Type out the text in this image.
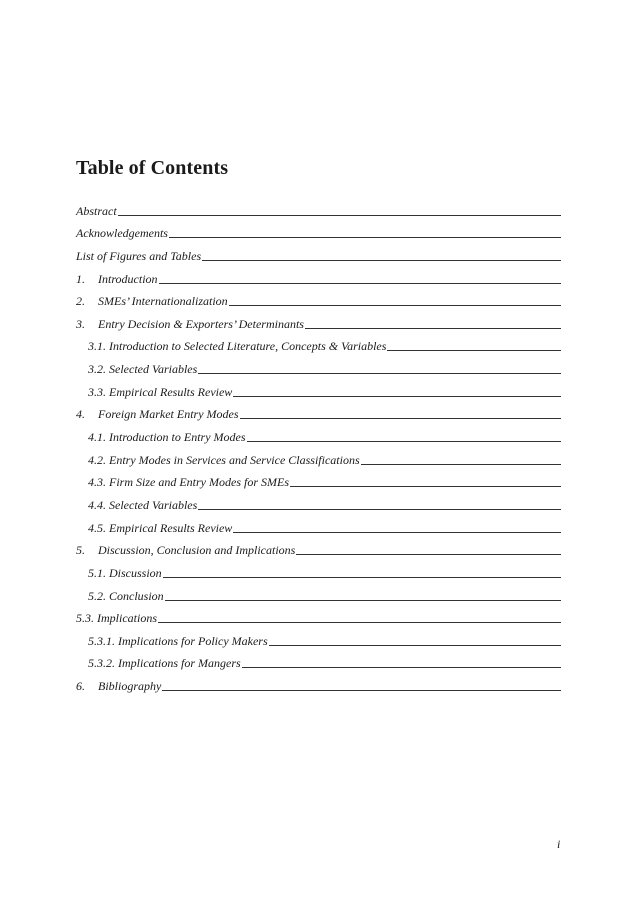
Table of Contents
Abstract
Acknowledgements
List of Figures and Tables
1.	Introduction
2.	SMEs’ Internationalization
3.	Entry Decision & Exporters’ Determinants
3.1. Introduction to Selected Literature, Concepts & Variables
3.2. Selected Variables
3.3. Empirical Results Review
4.	Foreign Market Entry Modes
4.1. Introduction to Entry Modes
4.2. Entry Modes in Services and Service Classifications
4.3. Firm Size and Entry Modes for SMEs
4.4. Selected Variables
4.5. Empirical Results Review
5.	Discussion, Conclusion and Implications
5.1. Discussion
5.2. Conclusion
5.3. Implications
5.3.1. Implications for Policy Makers
5.3.2. Implications for Mangers
6.	Bibliography
i
